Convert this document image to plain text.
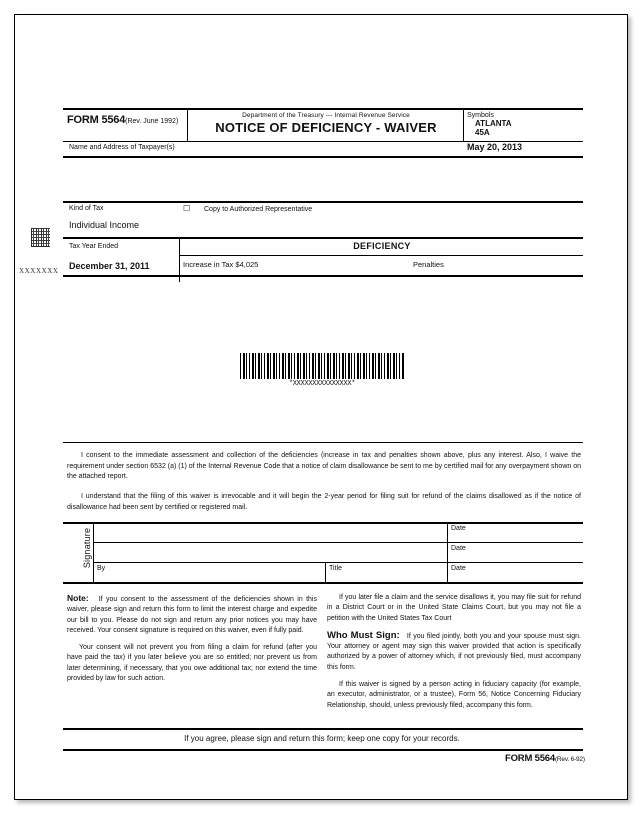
FORM 5564(Rev. June 1992)
Department of the Treasury --- Internal Revenue Service
NOTICE OF DEFICIENCY - WAIVER
Symbols
ATLANTA
45A
Name and Address of Taxpayer(s)	May 20, 2013
Kind of Tax	☐ Copy to Authorized Representative
Individual Income
XXXXXXX
Tax Year Ended	DEFICIENCY
December 31, 2011	Increase in Tax $4,025	Penalties
*XXXXXXXXXXXXXXX*
I consent to the immediate assessment and collection of the deficiencies (increase in tax and penalties shown above, plus any interest. Also, I waive the requirement under section 6532 (a) (1) of the Internal Revenue Code that a notice of claim disallowance be sent to me by certified mail for any overpayment shown on the attached report.
I understand that the filing of this waiver is irrevocable and it will begin the 2-year period for filing suit for refund of the claims disallowed as if the notice of disallowance had been sent by certified or registered mail.
Signature	Date
Date
By	Title	Date

Note: If you consent to the assessment of the deficiencies shown in this waiver, please sign and return this form to limit the interest charge and expedite our bill to you. Please do not sign and return any prior notices you may have received. Your consent signature is required on this waiver, even if fully paid.

Your consent will not prevent you from filing a claim for refund (after you have paid the tax) if you later believe you are so entitled; nor prevent us from later determining, if necessary, that you owe additional tax; nor extend the time provided by law for such action.

If you later file a claim and the service disallows it, you may file suit for refund in a District Court or in the United State Claims Court, but you may not file a petition with the United States Tax Court

Who Must Sign: If you filed jointly, both you and your spouse must sign. Your attorney or agent may sign this waiver provided that action is specifically authorized by a power of attorney which, if not previously filed, must accompany this form.

If this waiver is signed by a person acting in fiduciary capacity (for example, an executor, administrator, or a trustee), Form 56, Notice Concerning Fiduciary Relationship, should, unless previously filed, accompany this form.

If you agree, please sign and return this form; keep one copy for your records.
FORM 5564(Rev. 6-92)
